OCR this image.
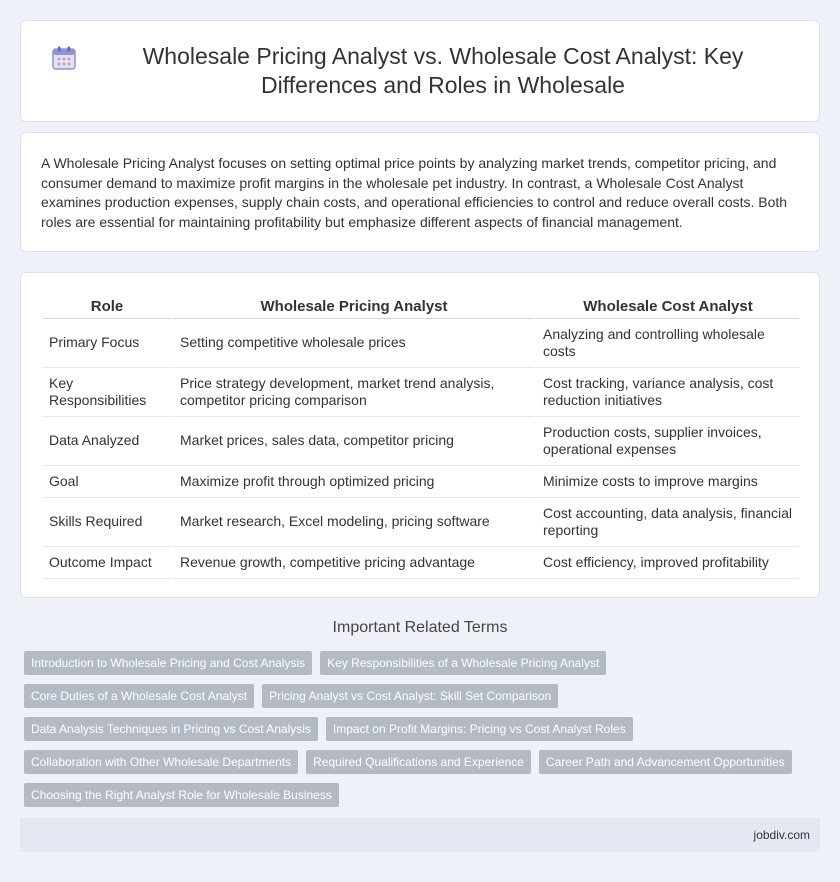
Wholesale Pricing Analyst vs. Wholesale Cost Analyst: Key Differences and Roles in Wholesale

A Wholesale Pricing Analyst focuses on setting optimal price points by analyzing market trends, competitor pricing, and consumer demand to maximize profit margins in the wholesale pet industry. In contrast, a Wholesale Cost Analyst examines production expenses, supply chain costs, and operational efficiencies to control and reduce overall costs. Both roles are essential for maintaining profitability but emphasize different aspects of financial management.

Role	Wholesale Pricing Analyst	Wholesale Cost Analyst
Primary Focus	Setting competitive wholesale prices	Analyzing and controlling wholesale costs
Key Responsibilities	Price strategy development, market trend analysis, competitor pricing comparison	Cost tracking, variance analysis, cost reduction initiatives
Data Analyzed	Market prices, sales data, competitor pricing	Production costs, supplier invoices, operational expenses
Goal	Maximize profit through optimized pricing	Minimize costs to improve margins
Skills Required	Market research, Excel modeling, pricing software	Cost accounting, data analysis, financial reporting
Outcome Impact	Revenue growth, competitive pricing advantage	Cost efficiency, improved profitability
Important Related Terms
Introduction to Wholesale Pricing and Cost Analysis	Key Responsibilities of a Wholesale Pricing Analyst
Core Duties of a Wholesale Cost Analyst	Pricing Analyst vs Cost Analyst: Skill Set Comparison
Data Analysis Techniques in Pricing vs Cost Analysis	Impact on Profit Margins: Pricing vs Cost Analyst Roles
Collaboration with Other Wholesale Departments	Required Qualifications and Experience	Career Path and Advancement Opportunities
Choosing the Right Analyst Role for Wholesale Business
jobdiv.com
